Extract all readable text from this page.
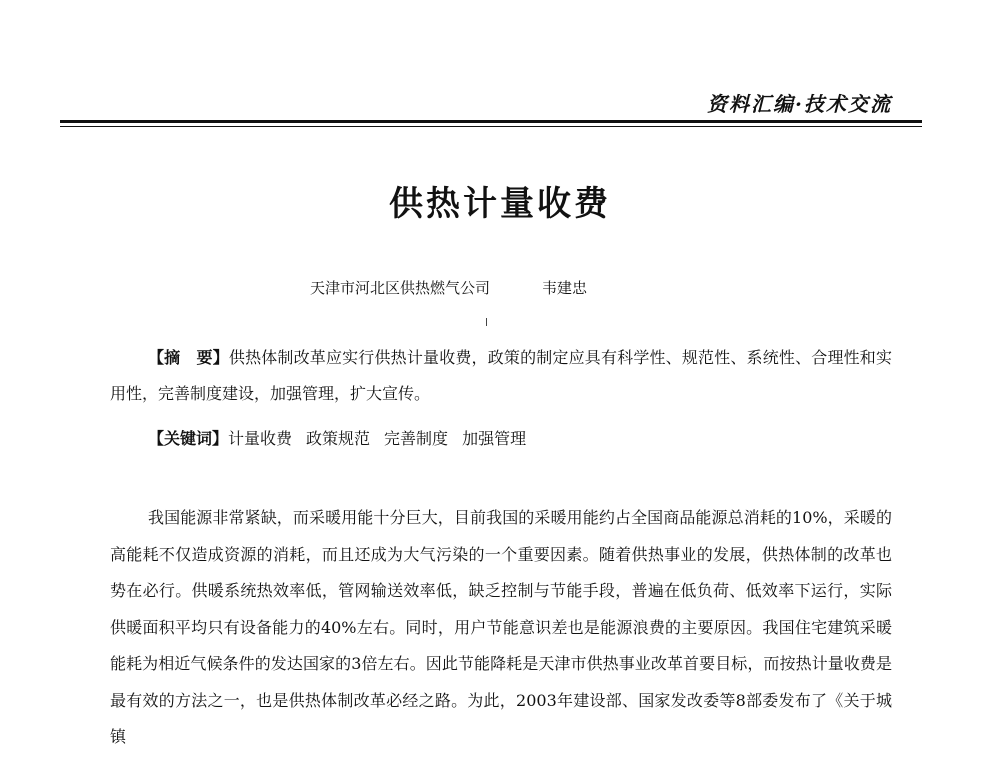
资料汇编·技术交流
供热计量收费
天津市河北区供热燃气公司	韦建忠

【摘　要】供热体制改革应实行供热计量收费，政策的制定应具有科学性、规范性、系统性、合理性和实用性，完善制度建设，加强管理，扩大宣传。

【关键词】计量收费 政策规范 完善制度 加强管理

我国能源非常紧缺，而采暖用能十分巨大，目前我国的采暖用能约占全国商品能源总消耗的10%，采暖的高能耗不仅造成资源的消耗，而且还成为大气污染的一个重要因素。随着供热事业的发展，供热体制的改革也势在必行。供暖系统热效率低，管网输送效率低，缺乏控制与节能手段，普遍在低负荷、低效率下运行，实际供暖面积平均只有设备能力的40%左右。同时，用户节能意识差也是能源浪费的主要原因。我国住宅建筑采暖能耗为相近气候条件的发达国家的3倍左右。因此节能降耗是天津市供热事业改革首要目标，而按热计量收费是最有效的方法之一，也是供热体制改革必经之路。为此，2003年建设部、国家发改委等8部委发布了《关于城镇
